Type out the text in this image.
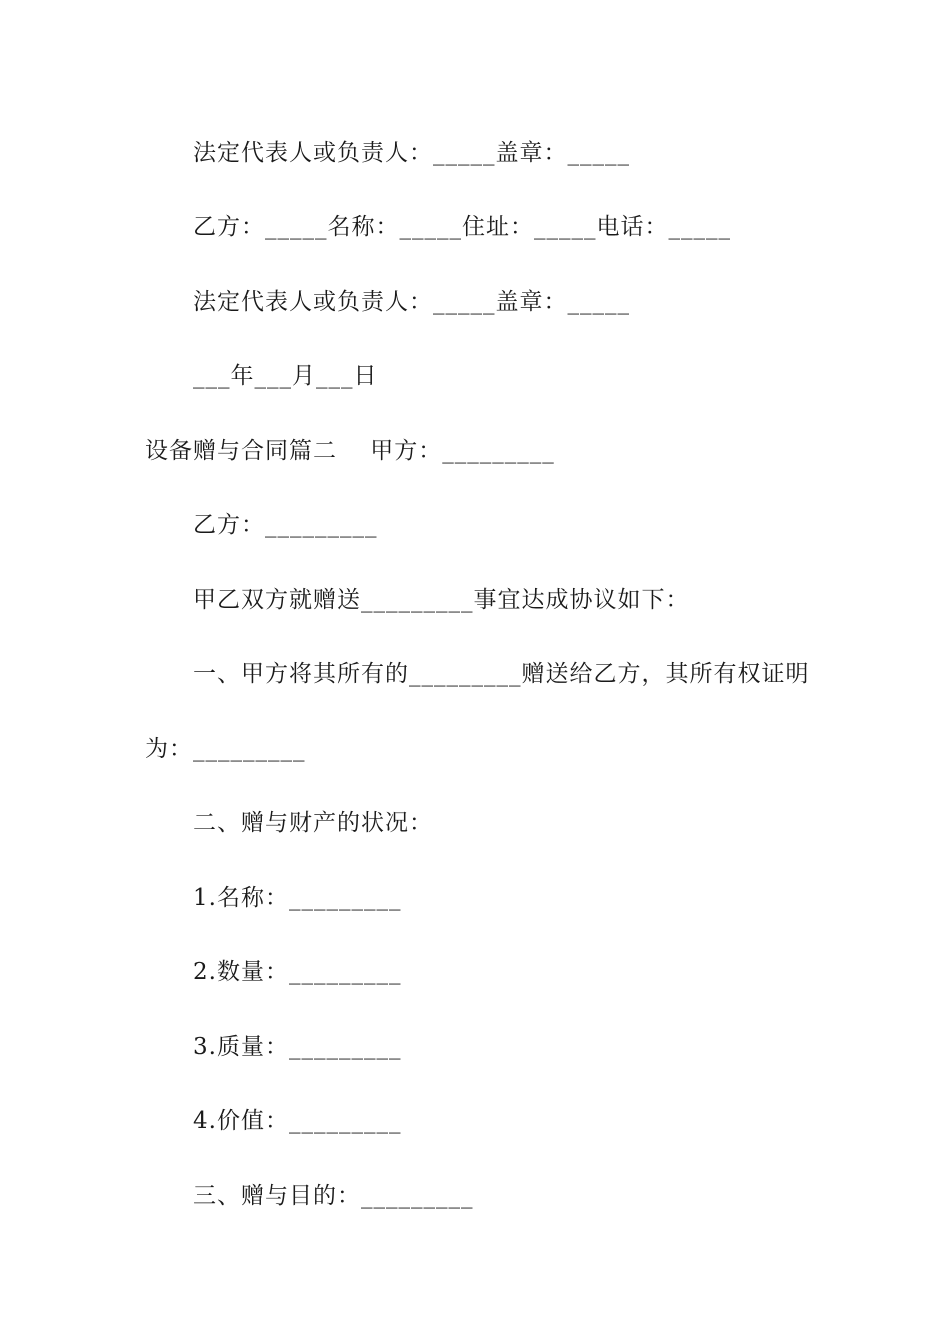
法定代表人或负责人：_____盖章：_____
乙方：_____名称：_____住址：_____电话：_____
法定代表人或负责人：_____盖章：_____
___年___月___日
设备赠与合同篇二    甲方：_________
乙方：_________
甲乙双方就赠送_________事宜达成协议如下：
一、甲方将其所有的_________赠送给乙方，其所有权证明
为：_________
二、赠与财产的状况：
1.名称：_________
2.数量：_________
3.质量：_________
4.价值：_________
三、赠与目的：_________
